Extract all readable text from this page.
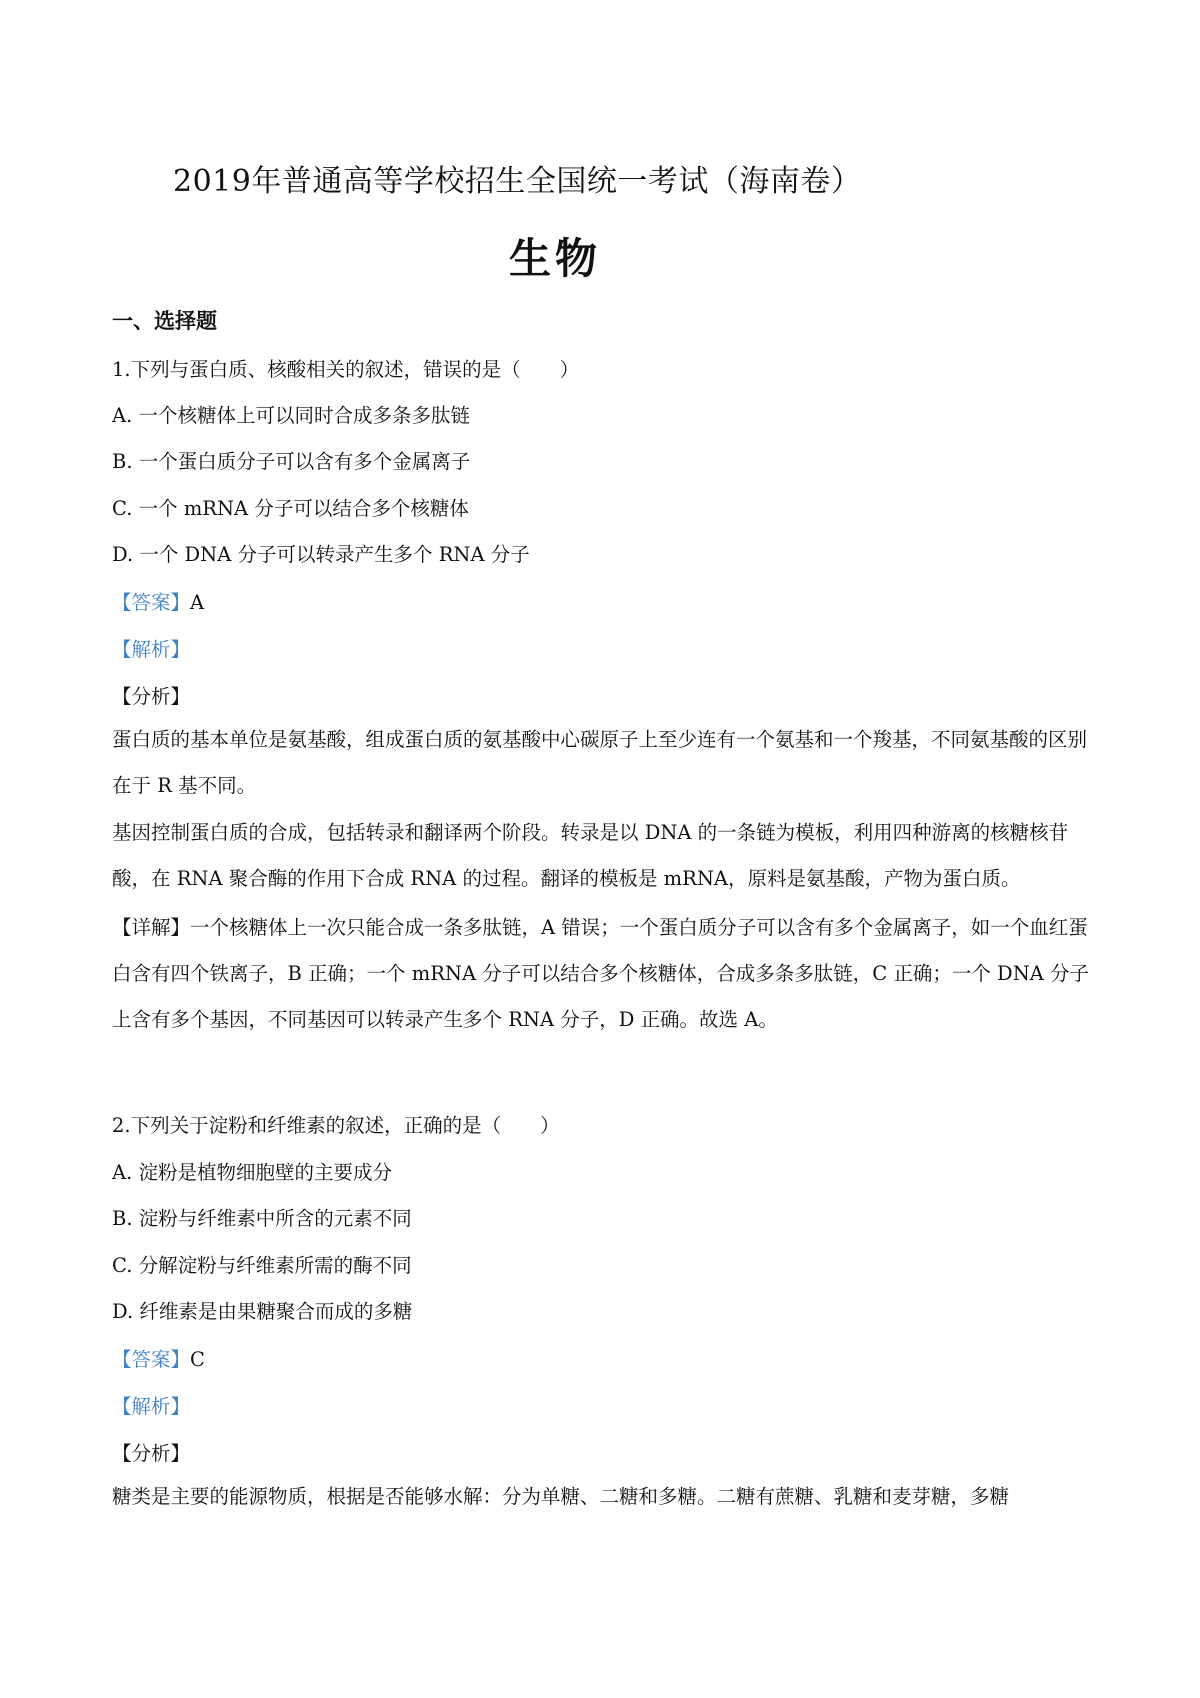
2019年普通高等学校招生全国统一考试（海南卷）
生物
一、选择题
1.下列与蛋白质、核酸相关的叙述，错误的是（　　）
A. 一个核糖体上可以同时合成多条多肽链
B. 一个蛋白质分子可以含有多个金属离子
C. 一个 mRNA 分子可以结合多个核糖体
D. 一个 DNA 分子可以转录产生多个 RNA 分子
【答案】A
【解析】
【分析】
蛋白质的基本单位是氨基酸，组成蛋白质的氨基酸中心碳原子上至少连有一个氨基和一个羧基，不同氨基酸的区别在于 R 基不同。
基因控制蛋白质的合成，包括转录和翻译两个阶段。转录是以 DNA 的一条链为模板，利用四种游离的核糖核苷酸，在 RNA 聚合酶的作用下合成 RNA 的过程。翻译的模板是 mRNA，原料是氨基酸，产物为蛋白质。
【详解】一个核糖体上一次只能合成一条多肽链，A 错误；一个蛋白质分子可以含有多个金属离子，如一个血红蛋白含有四个铁离子，B 正确；一个 mRNA 分子可以结合多个核糖体，合成多条多肽链，C 正确；一个 DNA 分子上含有多个基因，不同基因可以转录产生多个 RNA 分子，D 正确。故选 A。
2.下列关于淀粉和纤维素的叙述，正确的是（　　）
A. 淀粉是植物细胞壁的主要成分
B. 淀粉与纤维素中所含的元素不同
C. 分解淀粉与纤维素所需的酶不同
D. 纤维素是由果糖聚合而成的多糖
【答案】C
【解析】
【分析】
糖类是主要的能源物质，根据是否能够水解：分为单糖、二糖和多糖。二糖有蔗糖、乳糖和麦芽糖，多糖
